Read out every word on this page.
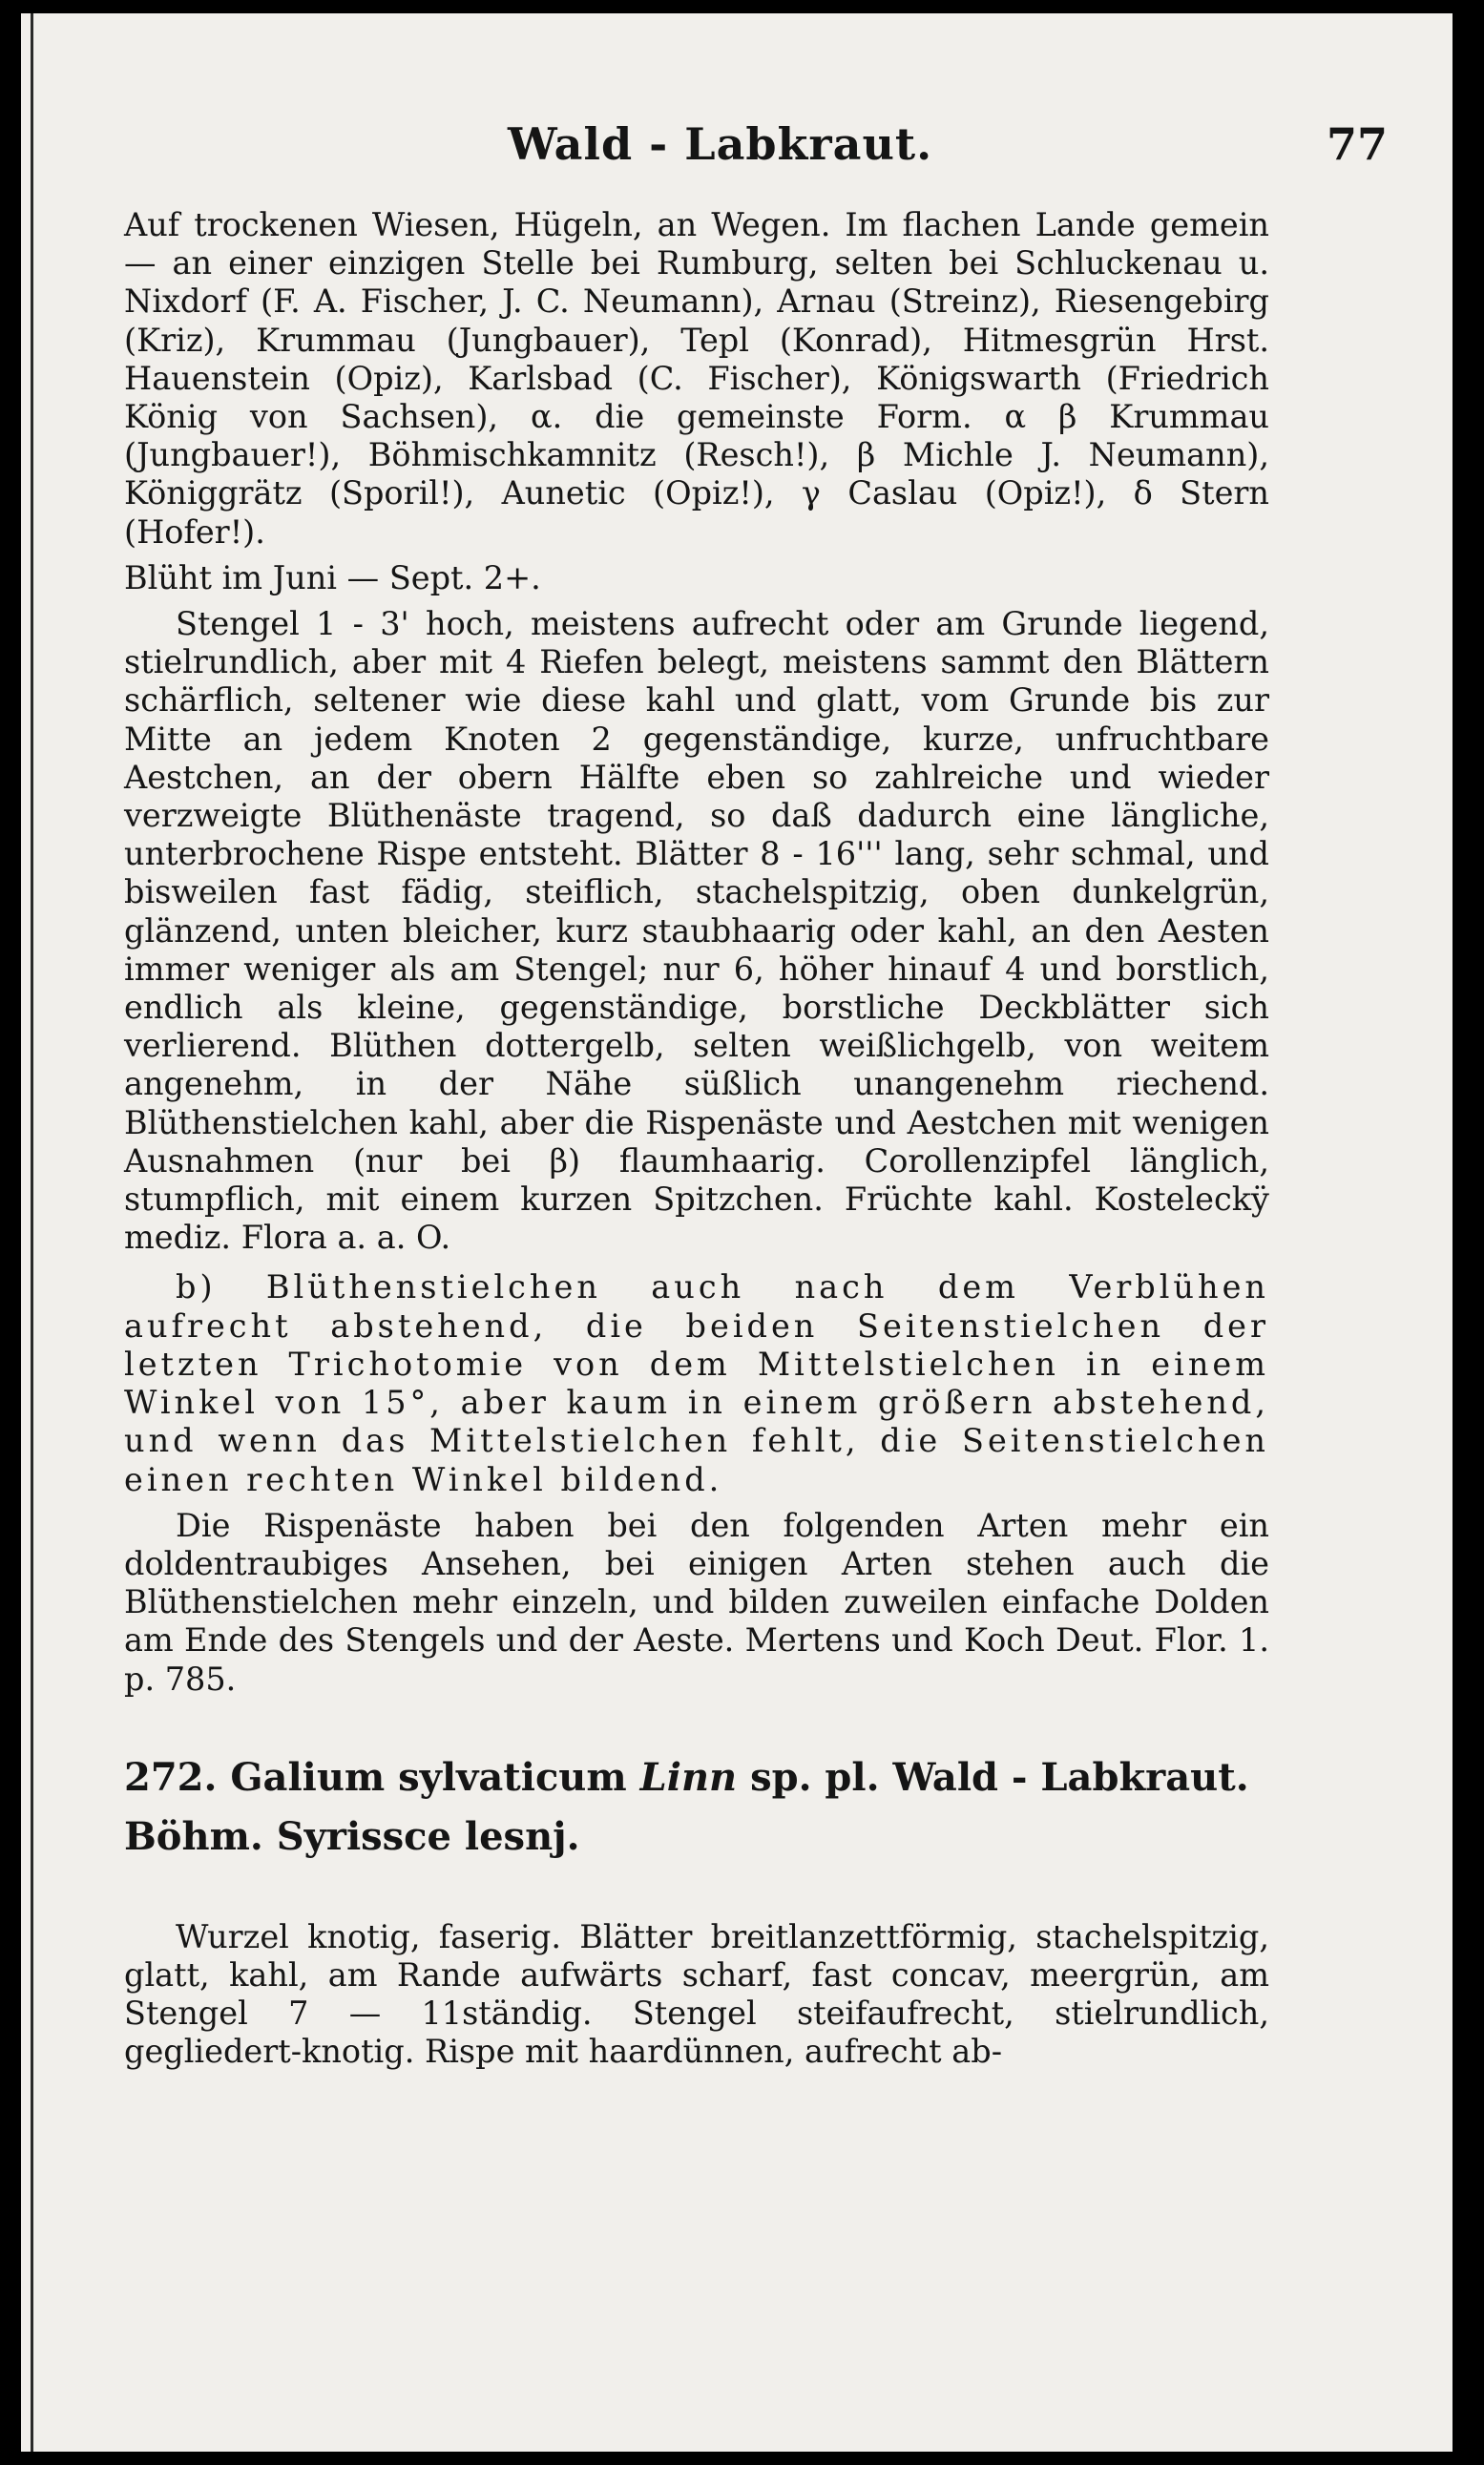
Wald - Labkraut.	77

Auf trockenen Wiesen, Hügeln, an Wegen. Im flachen Lande gemein — an einer einzigen Stelle bei Rumburg, selten bei Schluckenau u. Nixdorf (F. A. Fischer, J. C. Neumann), Arnau (Streinz), Riesengebirg (Kriz), Krummau (Jungbauer), Tepl (Konrad), Hitmesgrün Hrst. Hauenstein (Opiz), Karlsbad (C. Fischer), Königswarth (Friedrich König von Sachsen), α. die gemeinste Form. α β Krummau (Jungbauer!), Böhmischkamnitz (Resch!), β Michle J. Neumann), Königgrätz (Sporil!), Aunetic (Opiz!), γ Caslau (Opiz!), δ Stern (Hofer!).

Blüht im Juni — Sept. 2+.

Stengel 1 - 3' hoch, meistens aufrecht oder am Grunde liegend, stielrundlich, aber mit 4 Riefen belegt, meistens sammt den Blättern schärflich, seltener wie diese kahl und glatt, vom Grunde bis zur Mitte an jedem Knoten 2 gegenständige, kurze, unfruchtbare Aestchen, an der obern Hälfte eben so zahlreiche und wieder verzweigte Blüthenäste tragend, so daß dadurch eine längliche, unterbrochene Rispe entsteht. Blätter 8 - 16''' lang, sehr schmal, und bisweilen fast fädig, steiflich, stachelspitzig, oben dunkelgrün, glänzend, unten bleicher, kurz staubhaarig oder kahl, an den Aesten immer weniger als am Stengel; nur 6, höher hinauf 4 und borstlich, endlich als kleine, gegenständige, borstliche Deckblätter sich verlierend. Blüthen dottergelb, selten weißlichgelb, von weitem angenehm, in der Nähe süßlich unangenehm riechend. Blüthenstielchen kahl, aber die Rispenäste und Aestchen mit wenigen Ausnahmen (nur bei β) flaumhaarig. Corollenzipfel länglich, stumpflich, mit einem kurzen Spitzchen. Früchte kahl. Kosteleckÿ mediz. Flora a. a. O.

b) Blüthenstielchen auch nach dem Verblühen aufrecht abstehend, die beiden Seitenstielchen der letzten Trichotomie von dem Mittelstielchen in einem Winkel von 15°, aber kaum in einem größern abstehend, und wenn das Mittelstielchen fehlt, die Seitenstielchen einen rechten Winkel bildend.

Die Rispenäste haben bei den folgenden Arten mehr ein doldentraubiges Ansehen, bei einigen Arten stehen auch die Blüthenstielchen mehr einzeln, und bilden zuweilen einfache Dolden am Ende des Stengels und der Aeste. Mertens und Koch Deut. Flor. 1. p. 785.

272. Galium sylvaticum Linn sp. pl. Wald - Labkraut.
Böhm. Syrissce lesnj.

Wurzel knotig, faserig. Blätter breitlanzettförmig, stachelspitzig, glatt, kahl, am Rande aufwärts scharf, fast concav, meergrün, am Stengel 7 — 11ständig. Stengel steifaufrecht, stielrundlich, gegliedert-knotig. Rispe mit haardünnen, aufrecht ab-
